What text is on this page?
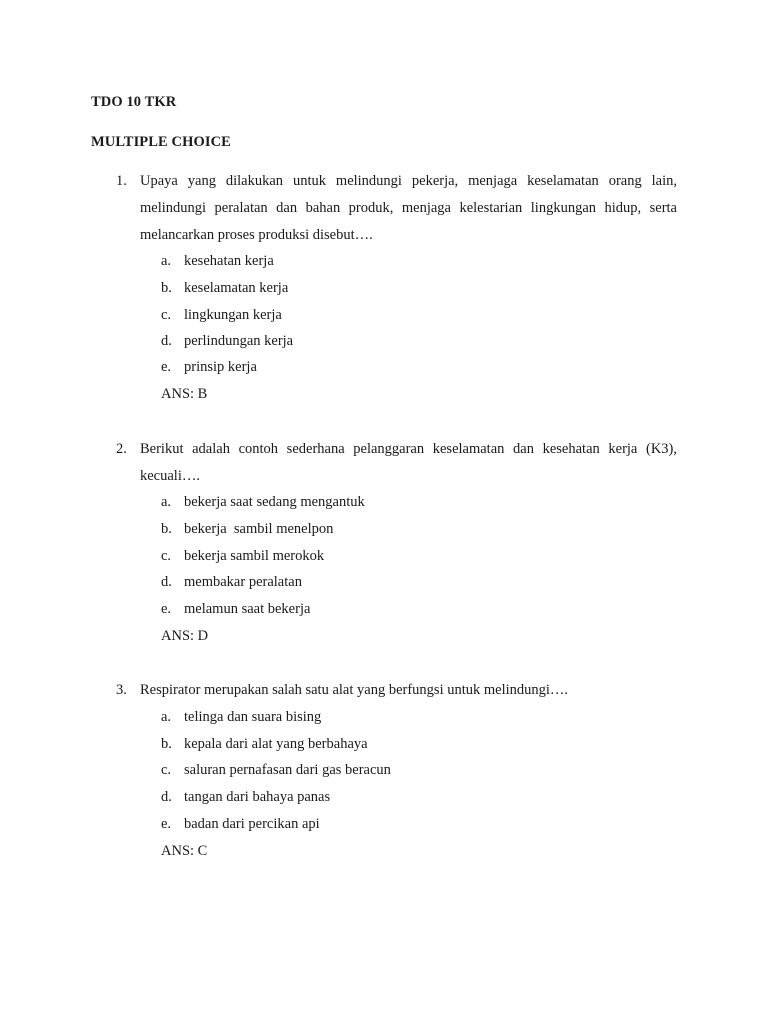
TDO 10 TKR
MULTIPLE CHOICE
1. Upaya yang dilakukan untuk melindungi pekerja, menjaga keselamatan orang lain,
melindungi peralatan dan bahan produk, menjaga kelestarian lingkungan hidup, serta
melancarkan proses produksi disebut….
a. kesehatan kerja
b. keselamatan kerja
c. lingkungan kerja
d. perlindungan kerja
e. prinsip kerja
ANS: B
2. Berikut adalah contoh sederhana pelanggaran keselamatan dan kesehatan kerja (K3),
kecuali….
a. bekerja saat sedang mengantuk
b. bekerja  sambil menelpon
c. bekerja sambil merokok
d. membakar peralatan
e. melamun saat bekerja
ANS: D
3. Respirator merupakan salah satu alat yang berfungsi untuk melindungi….
a. telinga dan suara bising
b. kepala dari alat yang berbahaya
c. saluran pernafasan dari gas beracun
d. tangan dari bahaya panas
e. badan dari percikan api
ANS: C
